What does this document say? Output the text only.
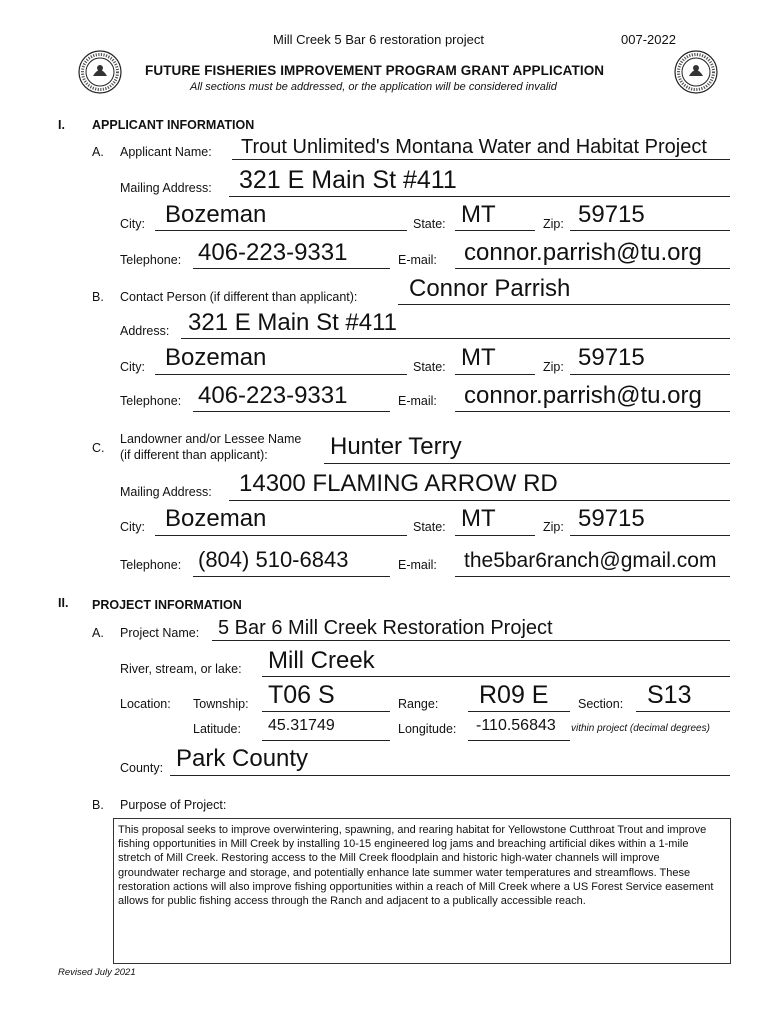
Mill Creek 5 Bar 6 restoration project	007-2022
FUTURE FISHERIES IMPROVEMENT PROGRAM GRANT APPLICATION
All sections must be addressed, or the application will be considered invalid
I. APPLICANT INFORMATION
A. Applicant Name: Trout Unlimited's Montana Water and Habitat Project
Mailing Address: 321 E Main St #411
City: Bozeman	State: MT	Zip: 59715
Telephone: 406-223-9331	E-mail: connor.parrish@tu.org
B. Contact Person (if different than applicant): Connor Parrish
Address: 321 E Main St #411
City: Bozeman	State: MT	Zip: 59715
Telephone: 406-223-9331	E-mail: connor.parrish@tu.org
C.
Landowner and/or Lessee Name
(if different than applicant):	Hunter Terry
Mailing Address: 14300 FLAMING ARROW RD
City: Bozeman	State: MT	Zip: 59715
Telephone: (804) 510-6843	E-mail: the5bar6ranch@gmail.com
II. PROJECT INFORMATION
A. Project Name: 5 Bar 6 Mill Creek Restoration Project
River, stream, or lake: Mill Creek
Location: Township: T06 S	Range: R09 E Section: S13
Latitude: 45.31749	Longitude: -110.56843 vithin project (decimal degrees)
County: Park County
B. Purpose of Project:
This proposal seeks to improve overwintering, spawning, and rearing habitat for Yellowstone Cutthroat Trout and improve fishing opportunities in Mill Creek by installing 10-15 engineered log jams and breaching artificial dikes within a 1-mile stretch of Mill Creek. Restoring access to the Mill Creek floodplain and historic high-water channels will improve groundwater recharge and storage, and potentially enhance late summer water temperatures and streamflows. These restoration actions will also improve fishing opportunities within a reach of Mill Creek where a US Forest Service easement allows for public fishing access through the Ranch and adjacent to a publically accessible reach.
Revised July 2021
